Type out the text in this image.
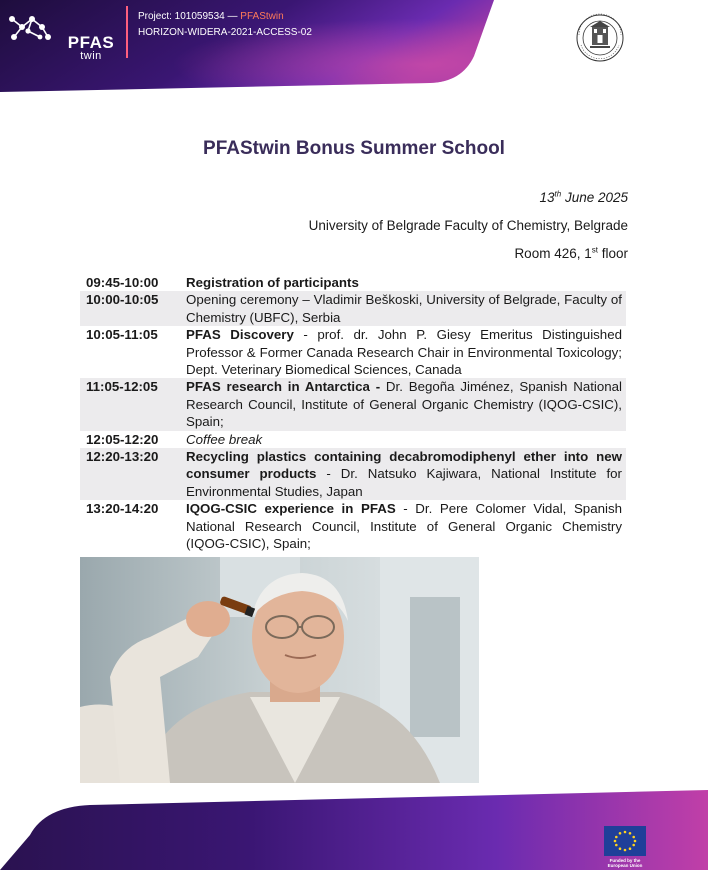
PFAS
twin
Project: 101059534 — PFAStwin
HORIZON-WIDERA-2021-ACCESS-02
PFAStwin Bonus Summer School
13th June 2025
University of Belgrade Faculty of Chemistry, Belgrade
Room 426, 1st floor
09:45-10:00	Registration of participants
10:00-10:05	Opening ceremony – Vladimir Beškoski, University of Belgrade, Faculty of Chemistry (UBFC), Serbia
10:05-11:05	PFAS Discovery - prof. dr. John P. Giesy Emeritus Distinguished Professor & Former Canada Research Chair in Environmental Toxicology; Dept. Veterinary Biomedical Sciences, Canada
11:05-12:05	PFAS research in Antarctica - Dr. Begoña Jiménez, Spanish National Research Council, Institute of General Organic Chemistry (IQOG-CSIC), Spain;
12:05-12:20	Coffee break
12:20-13:20	Recycling plastics containing decabromodiphenyl ether into new consumer products - Dr. Natsuko Kajiwara, National Institute for Environmental Studies, Japan
13:20-14:20	IQOG-CSIC experience in PFAS - Dr. Pere Colomer Vidal, Spanish National Research Council, Institute of General Organic Chemistry (IQOG-CSIC), Spain;
Funded by the
European Union
